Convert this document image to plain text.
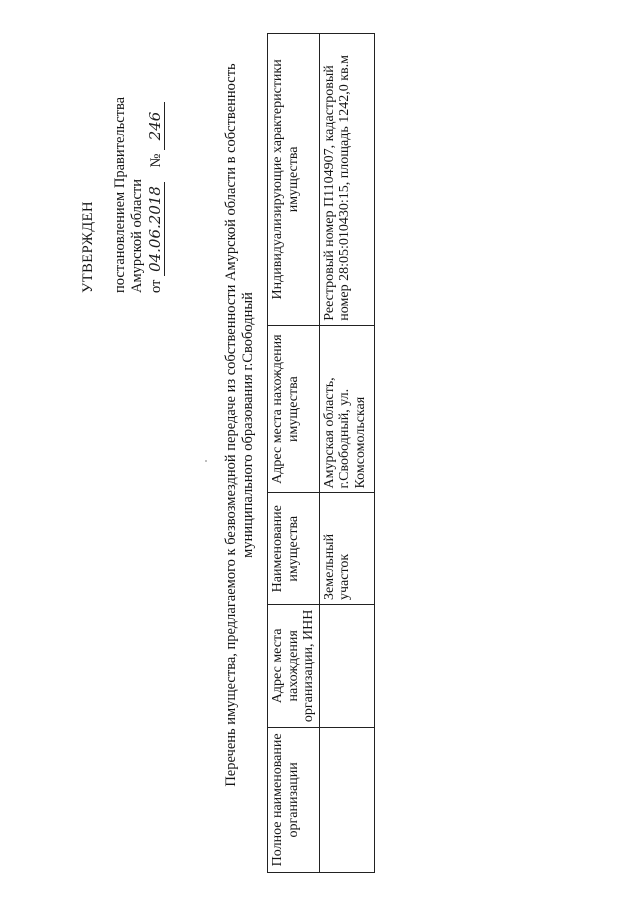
УТВЕРЖДЕН постановлением Правительства Амурской области от 04.06.2018    № 246	Перечень имущества, предлагаемого к безвозмездной передаче из собственности Амурской области в собственность муниципального образования г.Свободный
Полное наименование организации	Адрес места нахождения организации, ИНН	Наименование имущества	Адрес места нахождения имущества	Индивидуализирующие характеристики имущества
		Земельный участок	Амурская область, г.Свободный, ул. Комсомольская	Реестровый номер П1104907, кадастровый номер 28:05:010430:15, площадь 1242,0 кв.м
